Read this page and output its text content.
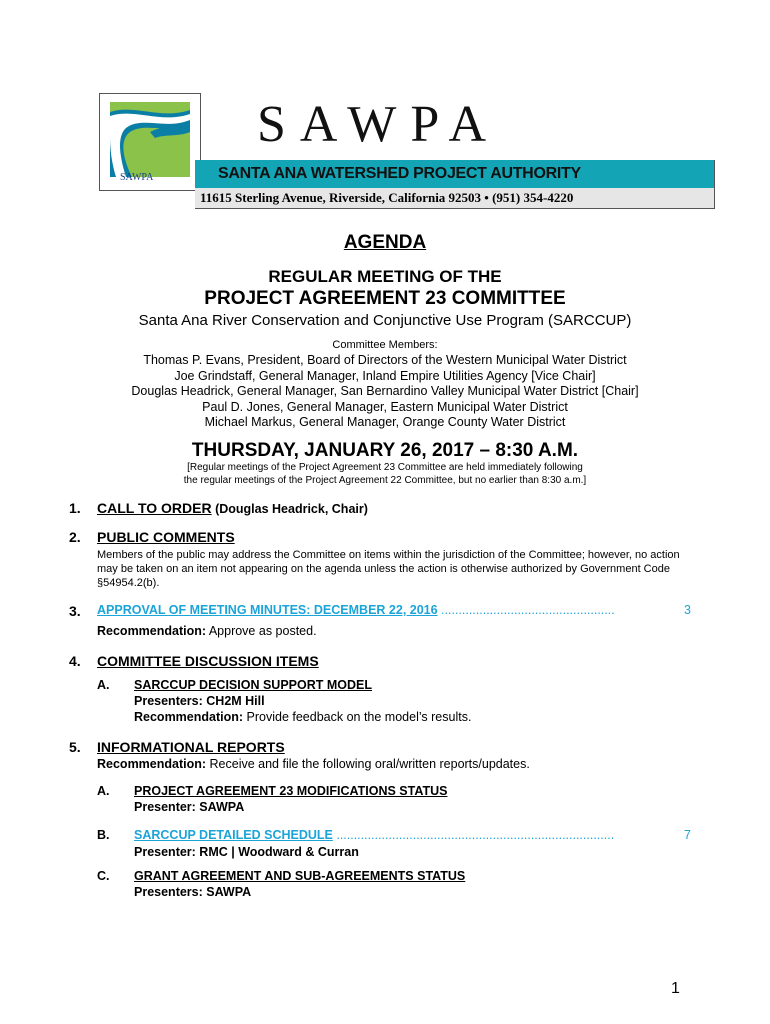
SAWPA
SAWPA
SANTA ANA WATERSHED PROJECT AUTHORITY
11615 Sterling Avenue, Riverside, California 92503 • (951) 354-4220
AGENDA
REGULAR MEETING OF THE
PROJECT AGREEMENT 23 COMMITTEE
Santa Ana River Conservation and Conjunctive Use Program (SARCCUP)
Committee Members:
Thomas P. Evans, President, Board of Directors of the Western Municipal Water District
Joe Grindstaff, General Manager, Inland Empire Utilities Agency [Vice Chair]
Douglas Headrick, General Manager, San Bernardino Valley Municipal Water District [Chair]
Paul D. Jones, General Manager, Eastern Municipal Water District
Michael Markus, General Manager, Orange County Water District
THURSDAY, JANUARY 26, 2017 – 8:30 A.M.
[Regular meetings of the Project Agreement 23 Committee are held immediately following
the regular meetings of the Project Agreement 22 Committee, but no earlier than 8:30 a.m.]
1. CALL TO ORDER (Douglas Headrick, Chair)
2. PUBLIC COMMENTS
Members of the public may address the Committee on items within the jurisdiction of the Committee; however, no action
may be taken on an item not appearing on the agenda unless the action is otherwise authorized by Government Code
§54954.2(b).
3. APPROVAL OF MEETING MINUTES: DECEMBER 22, 2016 ..................................................	3
Recommendation: Approve as posted.
4. COMMITTEE DISCUSSION ITEMS
A. SARCCUP DECISION SUPPORT MODEL
Presenters: CH2M Hill
Recommendation: Provide feedback on the model’s results.
5. INFORMATIONAL REPORTS
Recommendation: Receive and file the following oral/written reports/updates.
A. PROJECT AGREEMENT 23 MODIFICATIONS STATUS
Presenter: SAWPA
B. SARCCUP DETAILED SCHEDULE ................................................................................	7
Presenter: RMC | Woodward & Curran
C. GRANT AGREEMENT AND SUB-AGREEMENTS STATUS
Presenters: SAWPA
1
